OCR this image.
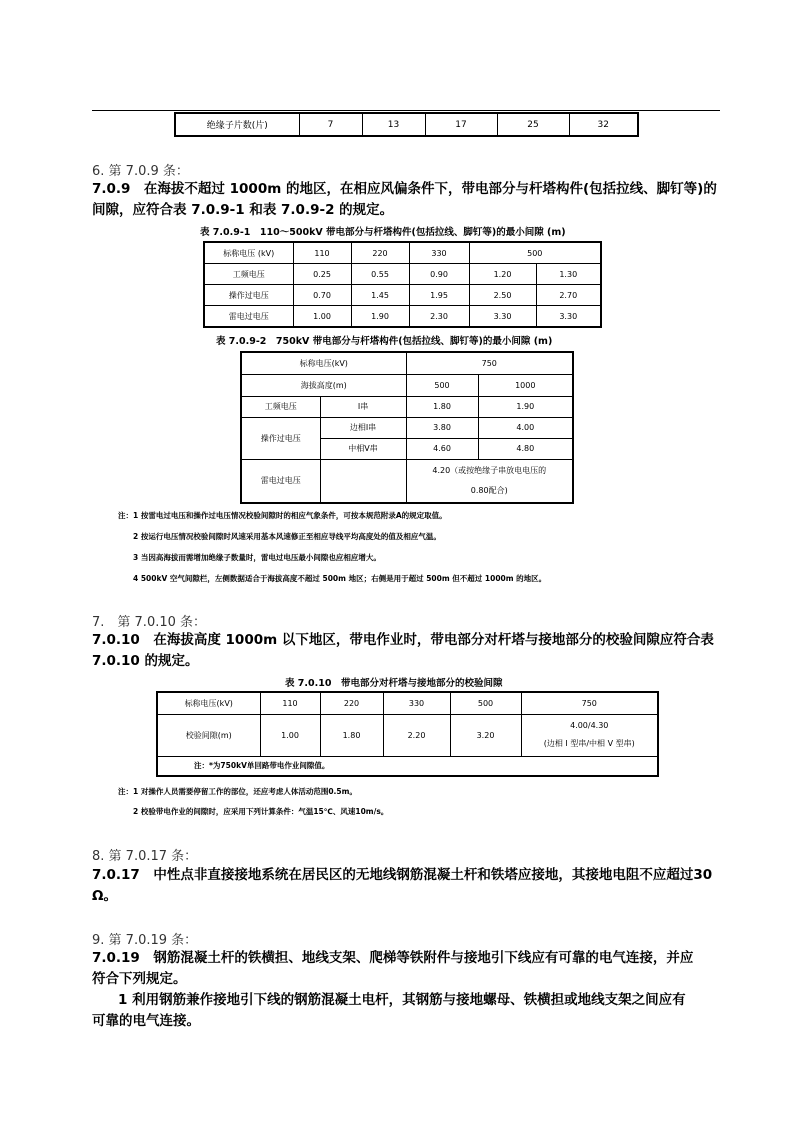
绝缘子片数(片)	7	13	17	25	32
6. 第 7.0.9 条：
7.0.9　在海拔不超过 1000m 的地区，在相应风偏条件下，带电部分与杆塔构件(包括拉线、脚钉等)的
间隙，应符合表 7.0.9-1 和表 7.0.9-2 的规定。
表 7.0.9-1　110～500kV 带电部分与杆塔构件(包括拉线、脚钉等)的最小间隙 (m)
标称电压 (kV)	110	220	330	500	
工频电压	0.25	0.55	0.90	1.20	1.30
操作过电压	0.70	1.45	1.95	2.50	2.70
雷电过电压	1.00	1.90	2.30	3.30	3.30
表 7.0.9-2　750kV 带电部分与杆塔构件(包括拉线、脚钉等)的最小间隙 (m)
标称电压(kV)		750	
海拔高度(m)		500	1000
工频电压	I串	1.80	1.90
操作过电压	边相I串	3.80	4.00
	中相V串	4.60	4.80
雷电过电压		4.20（或按绝缘子串放电电压的
0.80配合)	
注：1 按雷电过电压和操作过电压情况校验间隙时的相应气象条件，可按本规范附录A的规定取值。
2 按运行电压情况校验间隙时风速采用基本风速修正至相应导线平均高度处的值及相应气温。
3 当因高海拔而需增加绝缘子数量时，雷电过电压最小间隙也应相应增大。
4 500kV 空气间隙栏，左侧数据适合于海拔高度不超过 500m 地区；右侧是用于超过 500m 但不超过 1000m 的地区。
7.　第 7.0.10 条：
7.0.10　在海拔高度 1000m 以下地区，带电作业时，带电部分对杆塔与接地部分的校验间隙应符合表
7.0.10 的规定。
表 7.0.10　带电部分对杆塔与接地部分的校验间隙
标称电压(kV)	110	220	330	500	750
校验间隙(m)	1.00	1.80	2.20	3.20	4.00/4.30
(边相 I 型串/中相 V 型串)

注：*为750kV单回路带电作业间隙值。					
注：1 对操作人员需要停留工作的部位，还应考虑人体活动范围0.5m。
2 校验带电作业的间隙时，应采用下列计算条件：气温15℃、风速10m/s。
8. 第 7.0.17 条：
7.0.17　中性点非直接接地系统在居民区的无地线钢筋混凝土杆和铁塔应接地，其接地电阻不应超过30
Ω。
9. 第 7.0.19 条：
7.0.19　钢筋混凝土杆的铁横担、地线支架、爬梯等铁附件与接地引下线应有可靠的电气连接，并应
符合下列规定。
1 利用钢筋兼作接地引下线的钢筋混凝土电杆，其钢筋与接地螺母、铁横担或地线支架之间应有
可靠的电气连接。
